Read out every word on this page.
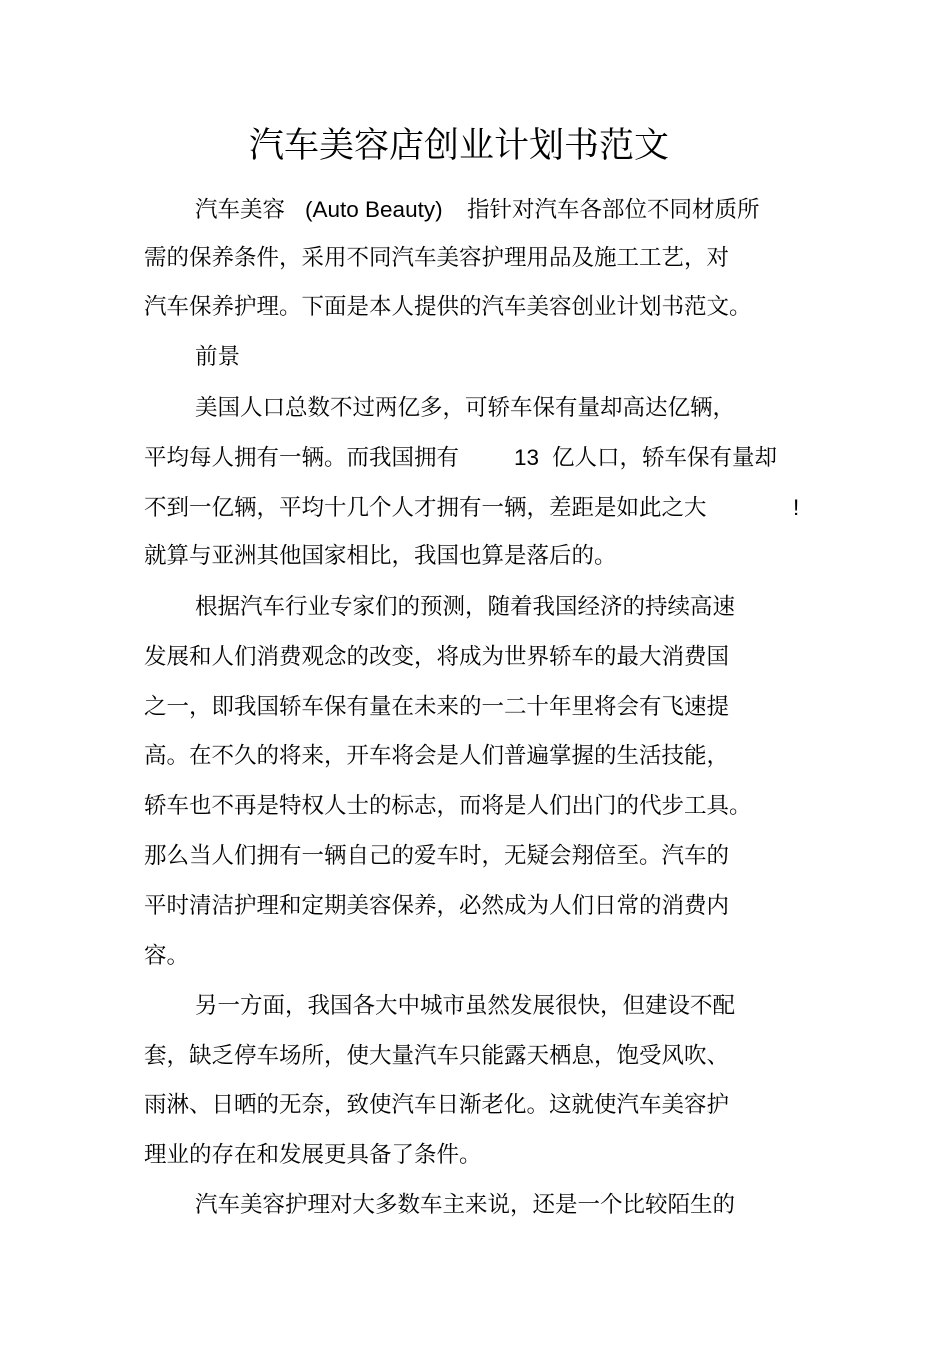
汽车美容店创业计划书范文
汽车美容 (Auto Beauty) 指针对汽车各部位不同材质所
需的保养条件，采用不同汽车美容护理用品及施工工艺，对
汽车保养护理。下面是本人提供的汽车美容创业计划书范文。
前景
美国人口总数不过两亿多，可轿车保有量却高达亿辆，
平均每人拥有一辆。而我国拥有 13 亿人口，轿车保有量却
不到一亿辆，平均十几个人才拥有一辆，差距是如此之大	!
就算与亚洲其他国家相比，我国也算是落后的。
根据汽车行业专家们的预测，随着我国经济的持续高速
发展和人们消费观念的改变，将成为世界轿车的最大消费国
之一，即我国轿车保有量在未来的一二十年里将会有飞速提
高。在不久的将来，开车将会是人们普遍掌握的生活技能，
轿车也不再是特权人士的标志，而将是人们出门的代步工具。
那么当人们拥有一辆自己的爱车时，无疑会翔倍至。汽车的
平时清洁护理和定期美容保养，必然成为人们日常的消费内
容。
另一方面，我国各大中城市虽然发展很快，但建设不配
套，缺乏停车场所，使大量汽车只能露天栖息，饱受风吹、
雨淋、日晒的无奈，致使汽车日渐老化。这就使汽车美容护
理业的存在和发展更具备了条件。
汽车美容护理对大多数车主来说，还是一个比较陌生的
